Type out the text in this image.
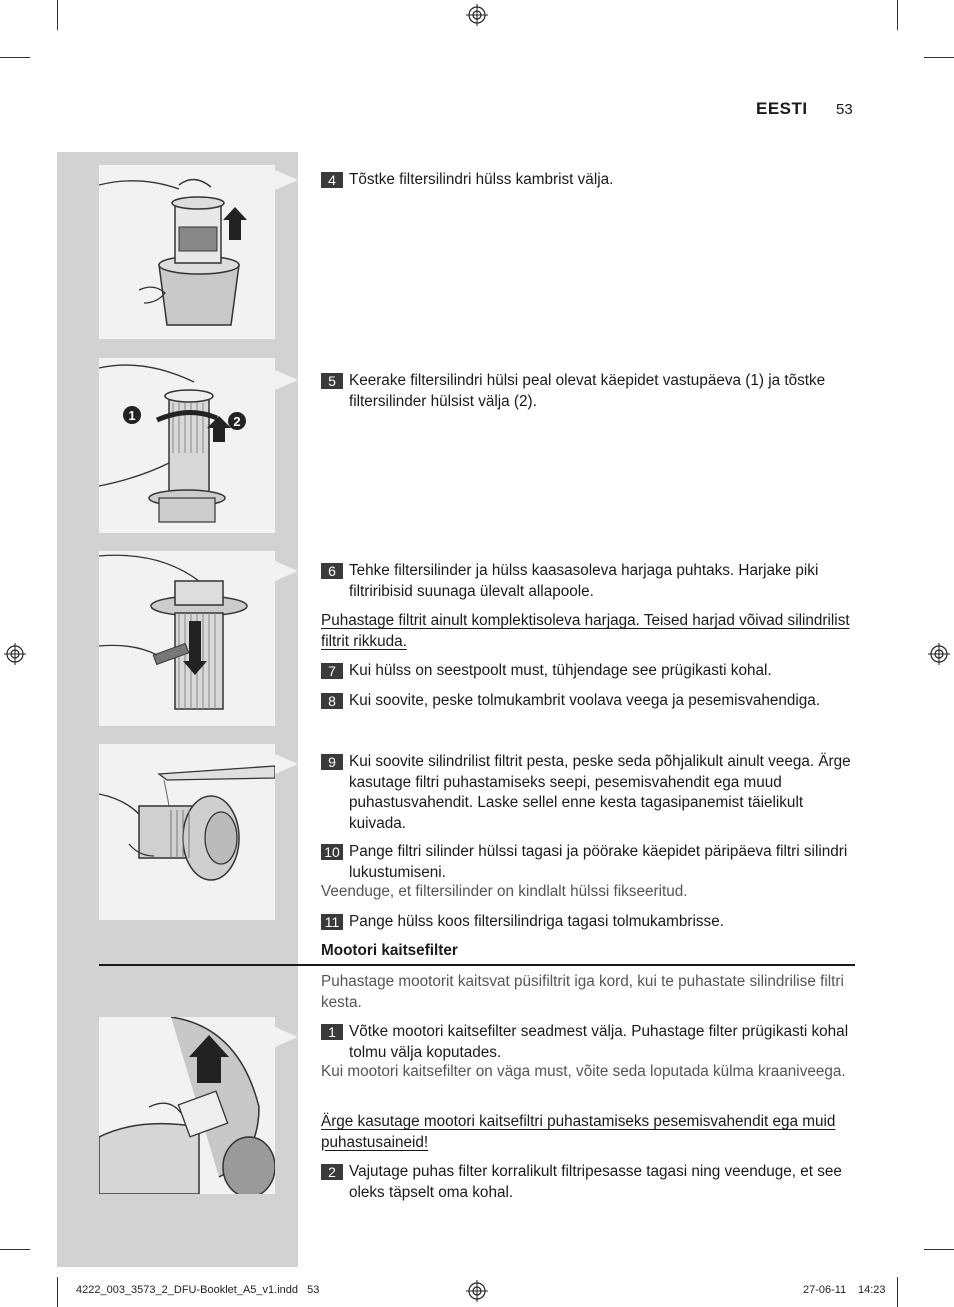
EESTI 53
1	2
4 Tõstke filtersilindri hülss kambrist välja.
5 Keerake filtersilindri hülsi peal olevat käepidet vastupäeva (1) ja tõstke filtersilinder hülsist välja (2).
6 Tehke filtersilinder ja hülss kaasasoleva harjaga puhtaks. Harjake piki filtriribisid suunaga ülevalt allapoole.
Puhastage filtrit ainult komplektisoleva harjaga. Teised harjad võivad silindrilist filtrit rikkuda.
7 Kui hülss on seestpoolt must, tühjendage see prügikasti kohal.
8 Kui soovite, peske tolmukambrit voolava veega ja pesemisvahendiga.
9 Kui soovite silindrilist filtrit pesta, peske seda põhjalikult ainult veega. Ärge kasutage filtri puhastamiseks seepi, pesemisvahendit ega muud puhastusvahendit. Laske sellel enne kesta tagasipanemist täielikult kuivada.
10 Pange filtri silinder hülssi tagasi ja pöörake käepidet päripäeva filtri silindri lukustumiseni.
Veenduge, et filtersilinder on kindlalt hülssi fikseeritud.
11 Pange hülss koos filtersilindriga tagasi tolmukambrisse.
Mootori kaitsefilter
Puhastage mootorit kaitsvat püsifiltrit iga kord, kui te puhastate silindrilise filtri kesta.
1 Võtke mootori kaitsefilter seadmest välja. Puhastage filter prügikasti kohal tolmu välja koputades.
Kui mootori kaitsefilter on väga must, võite seda loputada külma kraaniveega.
Ärge kasutage mootori kaitsefiltri puhastamiseks pesemisvahendit ega muid puhastusaineid!
2 Vajutage puhas filter korralikult filtripesasse tagasi ning veenduge, et see oleks täpselt oma kohal.
4222_003_3573_2_DFU-Booklet_A5_v1.indd   53	27-06-11 14:23
